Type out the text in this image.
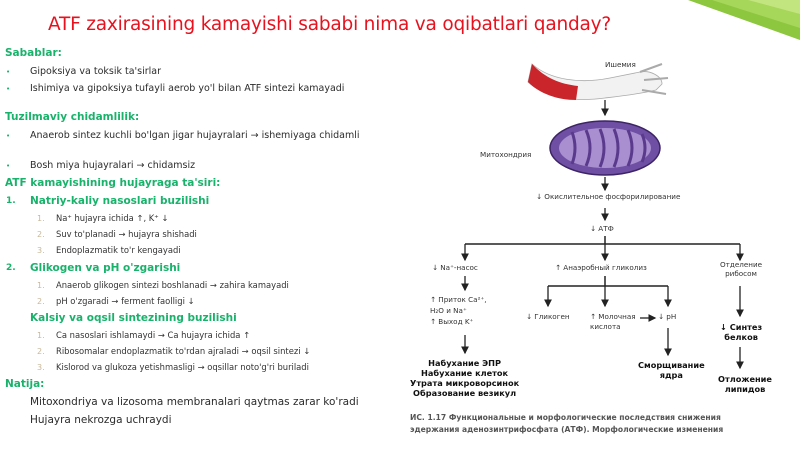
ATF zaxirasining kamayishi sababi nima va oqibatlari qanday?
Sabablar:
• Gipoksiya va toksik ta'sirlar
• Ishimiya va gipoksiya tufayli aerob yo'l bilan ATF sintezi kamayadi
Tuzilmaviy chidamlilik:
• Anaerob sintez kuchli bo'lgan jigar hujayralari → ishemiyaga chidamli
• Bosh miya hujayralari → chidamsiz
ATF kamayishining hujayraga ta'siri:
1. Natriy-kaliy nasoslari buzilishi
1. Na⁺ hujayra ichida ↑, K⁺ ↓
2. Suv to'planadi → hujayra shishadi
3. Endoplazmatik to'r kengayadi
2. Glikogen va pH o'zgarishi
1. Anaerob glikogen sintezi boshlanadi → zahira kamayadi
2. pH o'zgaradi → ferment faolligi ↓
Kalsiy va oqsil sintezining buzilishi
1. Ca nasoslari ishlamaydi → Ca hujayra ichida ↑
2. Ribosomalar endoplazmatik to'rdan ajraladi → oqsil sintezi ↓
3. Kislorod va glukoza yetishmasligi → oqsillar noto'g'ri buriladi
Natija:
Mitoxondriya va lizosoma membranalari qaytmas zarar ko'radi
Hujayra nekrozga uchraydi
Ишемия
Митохондрия
↓ Окислительное фосфорилирование
↓ АТФ
↓ Na⁺-насос	↑ Анаэробный гликолиз	Отделение
рибосом
↑ Приток Ca²⁺,
H₂O и Na⁺
↑ Выход K⁺
↓ Гликоген	↑ Молочная
кислота
↓ pH
↓ Синтез
белков
Набухание ЭПР
Набухание клеток
Утрата микроворсинок
Образование везикул
Сморщивание
ядра	Отложение
липидов
ИС. 1.17 Функциональные и морфологические последствия снижения
эдержания аденозинтрифосфата (АТФ). Морфологические изменения
